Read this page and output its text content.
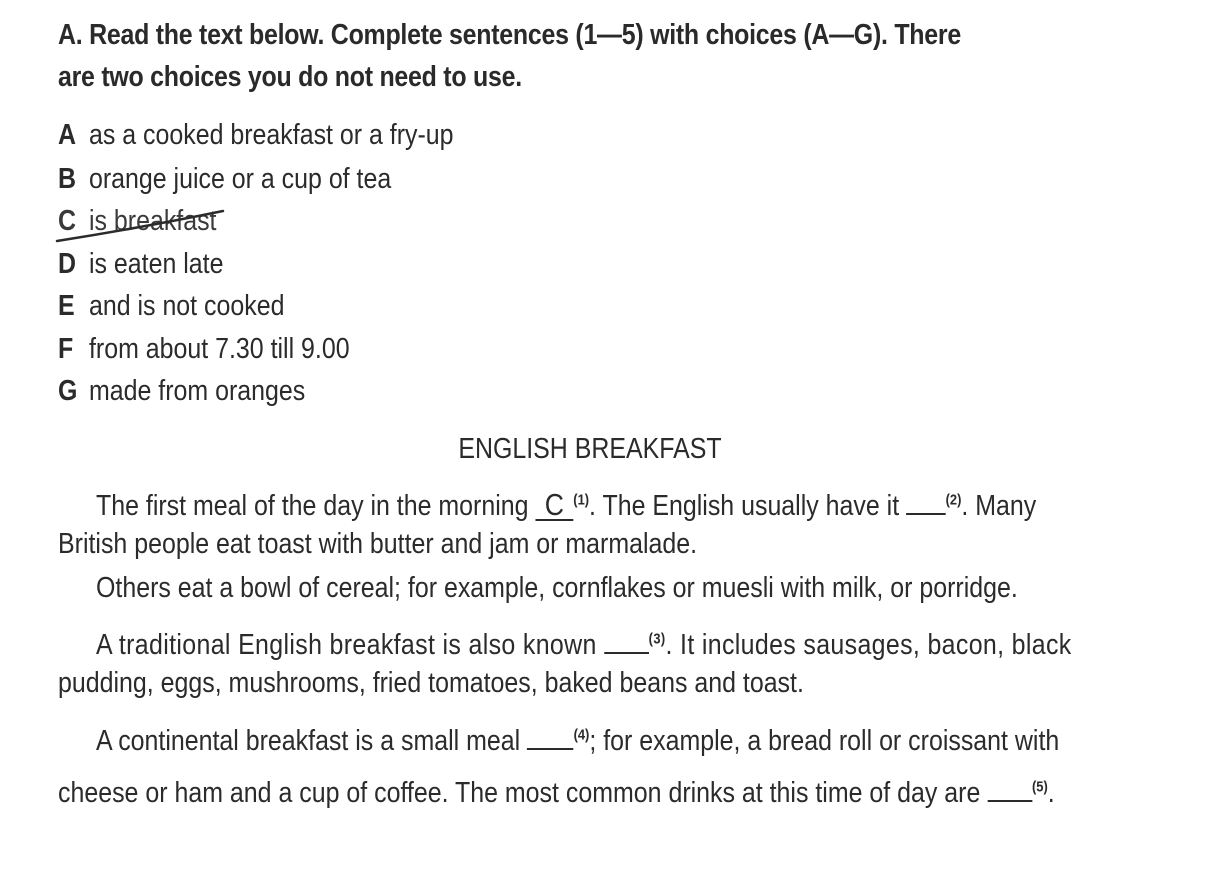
A. Read the text below. Complete sentences (1—5) with choices (A—G). There are two choices you do not need to use.
A as a cooked breakfast or a fry-up
B orange juice or a cup of tea
C is breakfast
D is eaten late
E and is not cooked
F from about 7.30 till 9.00
G made from oranges
ENGLISH BREAKFAST
The first meal of the day in the morning C $^{(1)}$. The English usually have it	$^{(2)}$. Many
British people eat toast with butter and jam or marmalade.
Others eat a bowl of cereal; for example, cornflakes or muesli with milk, or porridge.
A traditional English breakfast is also known	$^{(3)}$. It includes sausages, bacon, black
pudding, eggs, mushrooms, fried tomatoes, baked beans and toast.
A continental breakfast is a small meal	$^{(4)}$; for example, a bread roll or croissant with
cheese or ham and a cup of coffee. The most common drinks at this time of day are	$^{(5)}$.
